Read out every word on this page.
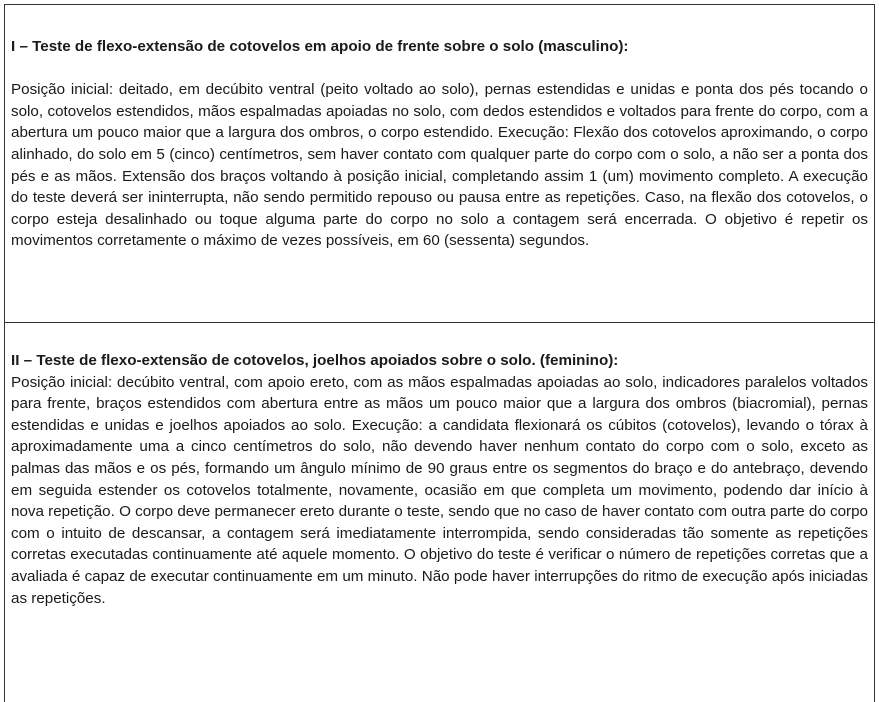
I – Teste de flexo-extensão de cotovelos em apoio de frente sobre o solo (masculino):

Posição inicial: deitado, em decúbito ventral (peito voltado ao solo), pernas estendidas e unidas e ponta dos pés tocando o solo, cotovelos estendidos, mãos espalmadas apoiadas no solo, com dedos estendidos e voltados para frente do corpo, com a abertura um pouco maior que a largura dos ombros, o corpo estendido. Execução: Flexão dos cotovelos aproximando, o corpo alinhado, do solo em 5 (cinco) centímetros, sem haver contato com qualquer parte do corpo com o solo, a não ser a ponta dos pés e as mãos. Extensão dos braços voltando à posição inicial, completando assim 1 (um) movimento completo. A execução do teste deverá ser ininterrupta, não sendo permitido repouso ou pausa entre as repetições. Caso, na flexão dos cotovelos, o corpo esteja desalinhado ou toque alguma parte do corpo no solo a contagem será encerrada. O objetivo é repetir os movimentos corretamente o máximo de vezes possíveis, em 60 (sessenta) segundos.

II – Teste de flexo-extensão de cotovelos, joelhos apoiados sobre o solo. (feminino):

Posição inicial: decúbito ventral, com apoio ereto, com as mãos espalmadas apoiadas ao solo, indicadores paralelos voltados para frente, braços estendidos com abertura entre as mãos um pouco maior que a largura dos ombros (biacromial), pernas estendidas e unidas e joelhos apoiados ao solo. Execução: a candidata flexionará os cúbitos (cotovelos), levando o tórax à aproximadamente uma a cinco centímetros do solo, não devendo haver nenhum contato do corpo com o solo, exceto as palmas das mãos e os pés, formando um ângulo mínimo de 90 graus entre os segmentos do braço e do antebraço, devendo em seguida estender os cotovelos totalmente, novamente, ocasião em que completa um movimento, podendo dar início à nova repetição. O corpo deve permanecer ereto durante o teste, sendo que no caso de haver contato com outra parte do corpo com o intuito de descansar, a contagem será imediatamente interrompida, sendo consideradas tão somente as repetições corretas executadas continuamente até aquele momento. O objetivo do teste é verificar o número de repetições corretas que a avaliada é capaz de executar continuamente em um minuto. Não pode haver interrupções do ritmo de execução após iniciadas as repetições.
